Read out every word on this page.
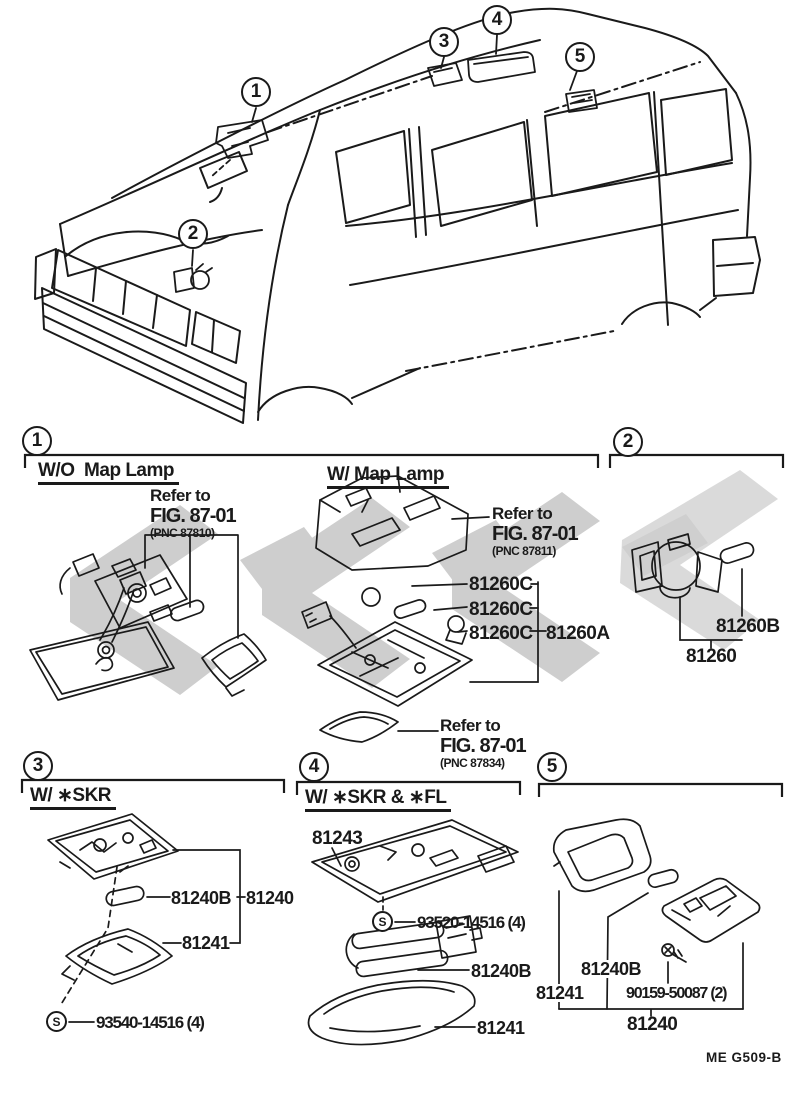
1
2
3
4
5
1	2
3	4	5
W/O  Map Lamp	W/ Map Lamp
W/ ∗SKR	W/ ∗SKR & ∗FL
Refer to
FIG. 87-01
(PNC 87810)
Refer to
FIG. 87-01
(PNC 87811)
Refer to
FIG. 87-01
(PNC 87834)
81260C
81260C
81260C 81260A	81260B
81260
81240B 81240
81241
S	93540-14516 (4)
81243
S	93520-14516 (4)
81240B
81241
81240B
81241	90159-50087 (2)
81240
ME G509-B
